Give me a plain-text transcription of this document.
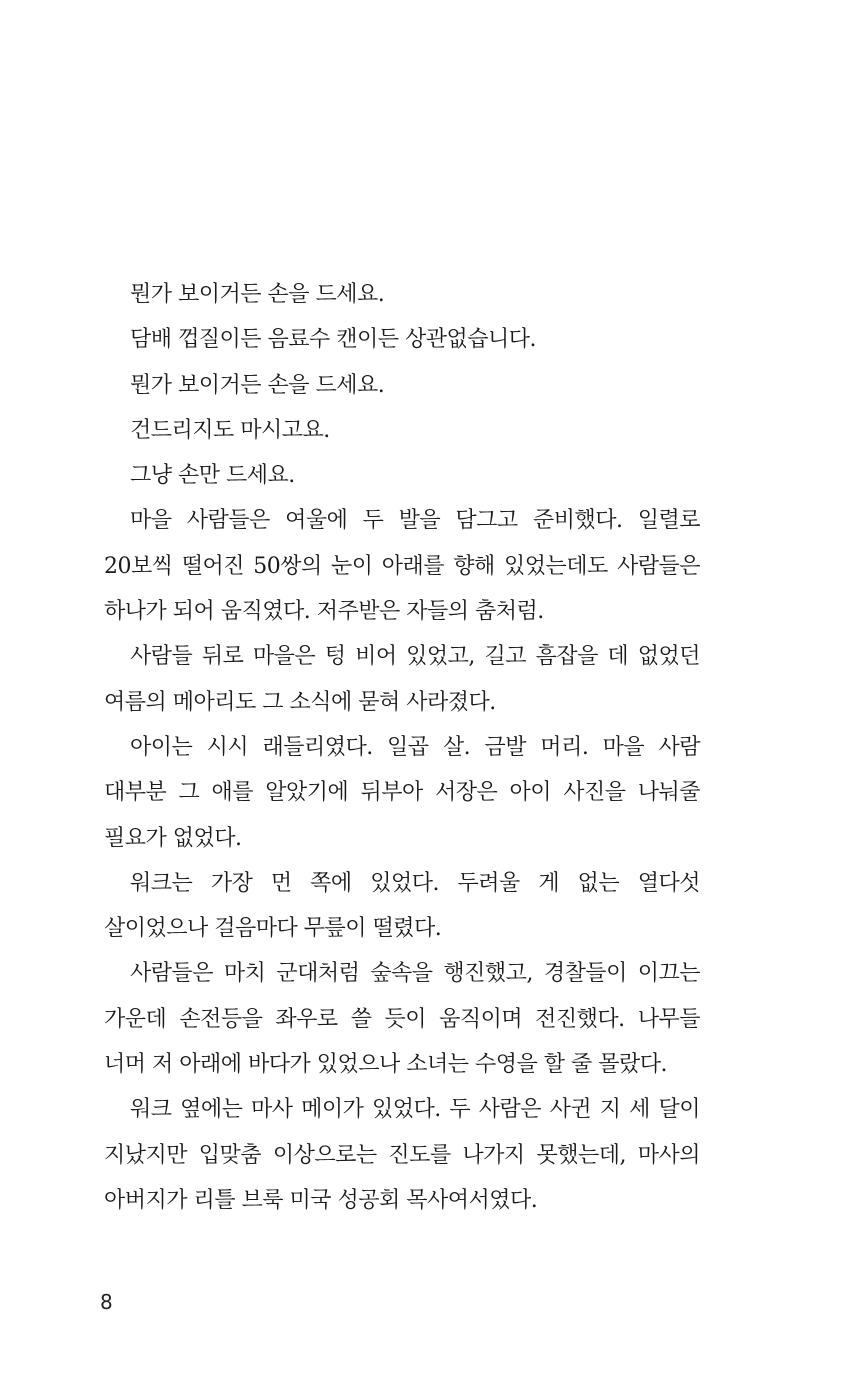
뭔가 보이거든 손을 드세요.

담배 껍질이든 음료수 캔이든 상관없습니다.

뭔가 보이거든 손을 드세요.

건드리지도 마시고요.

그냥 손만 드세요.

마을 사람들은 여울에 두 발을 담그고 준비했다. 일렬로 20보씩 떨어진 50쌍의 눈이 아래를 향해 있었는데도 사람들은 하나가 되어 움직였다. 저주받은 자들의 춤처럼.

사람들 뒤로 마을은 텅 비어 있었고, 길고 흠잡을 데 없었던 여름의 메아리도 그 소식에 묻혀 사라졌다.

아이는 시시 래들리였다. 일곱 살. 금발 머리. 마을 사람 대부분 그 애를 알았기에 뒤부아 서장은 아이 사진을 나눠줄 필요가 없었다.

워크는 가장 먼 쪽에 있었다. 두려울 게 없는 열다섯 살이었으나 걸음마다 무릎이 떨렸다.

사람들은 마치 군대처럼 숲속을 행진했고, 경찰들이 이끄는 가운데 손전등을 좌우로 쓸 듯이 움직이며 전진했다. 나무들 너머 저 아래에 바다가 있었으나 소녀는 수영을 할 줄 몰랐다.

워크 옆에는 마사 메이가 있었다. 두 사람은 사귄 지 세 달이 지났지만 입맞춤 이상으로는 진도를 나가지 못했는데, 마사의 아버지가 리틀 브룩 미국 성공회 목사여서였다.

8
